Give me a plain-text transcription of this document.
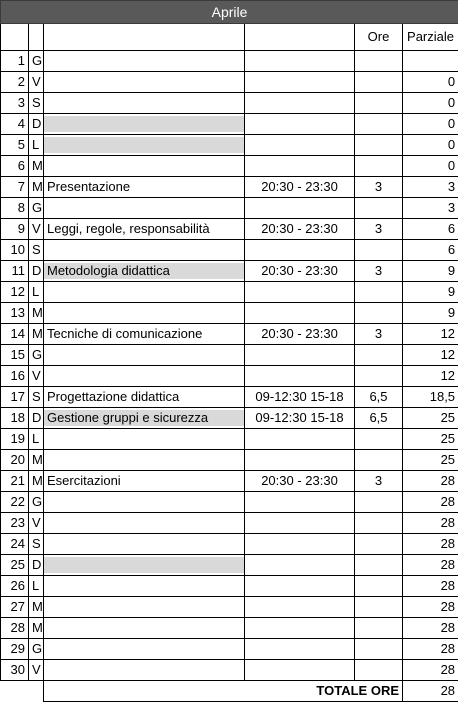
Aprile					
				Ore	Parziale
1	G				
2	V				0
3	S				0
4	D				0
5	L				0
6	M				0
7	M	Presentazione	20:30 - 23:30	3	3
8	G				3
9	V	Leggi, regole, responsabilità	20:30 - 23:30	3	6
10	S				6
11	D	Metodologia didattica	20:30 - 23:30	3	9
12	L				9
13	M				9
14	M	Tecniche di comunicazione	20:30 - 23:30	3	12
15	G				12
16	V				12
17	S	Progettazione didattica	09-12:30 15-18	6,5	18,5
18	D	Gestione gruppi e sicurezza	09-12:30 15-18	6,5	25
19	L				25
20	M				25
21	M	Esercitazioni	20:30 - 23:30	3	28
22	G				28
23	V				28
24	S				28
25	D				28
26	L				28
27	M				28
28	M				28
29	G				28
30	V				28
		TOTALE ORE			28
